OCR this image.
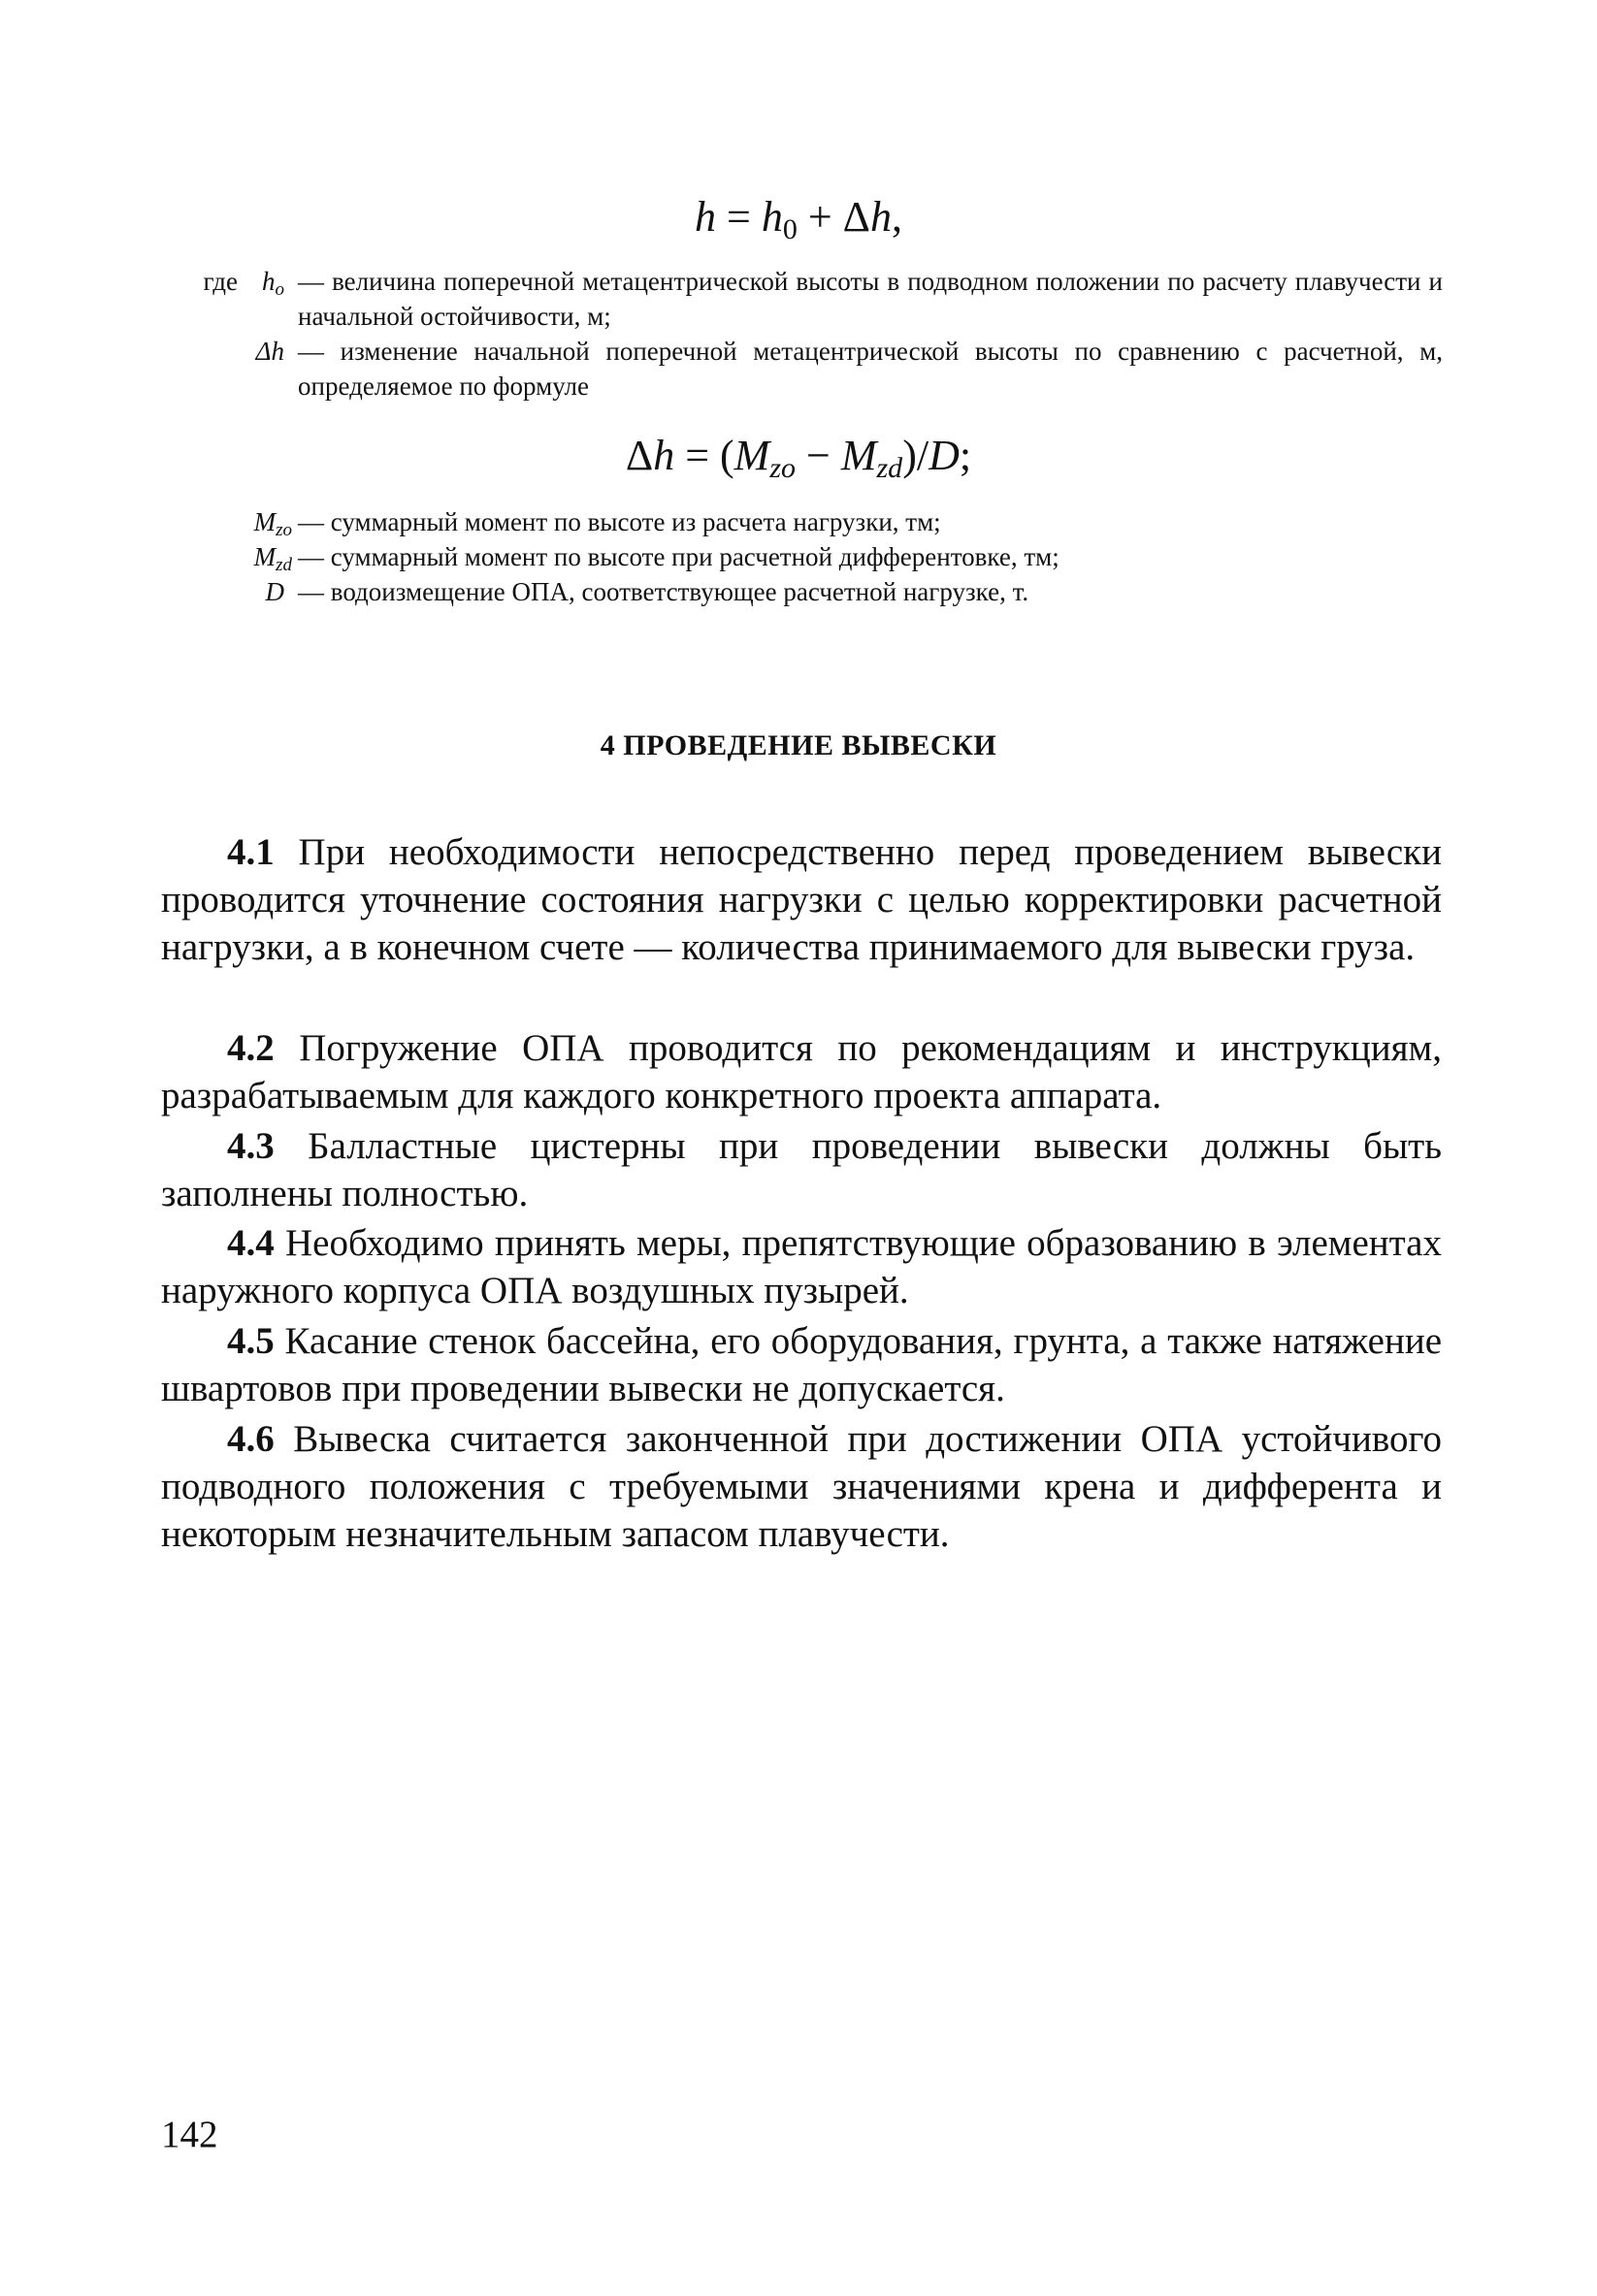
$h = h_0 + \Delta h$,
где $h_o$ — величина поперечной метацентрической высоты в подводном положении по расчету плавучести и начальной остойчивости, м;
Δh — изменение начальной поперечной метацентрической высоты по сравнению с расчетной, м, определяемое по формуле
$\Delta h = (M_{zo} - M_{zd})/D$;
$M_{zo}$ — суммарный момент по высоте из расчета нагрузки, тм;
$M_{zd}$ — суммарный момент по высоте при расчетной дифферентовке, тм;
D — водоизмещение ОПА, соответствующее расчетной нагрузке, т.
4 ПРОВЕДЕНИЕ ВЫВЕСКИ

4.1 При необходимости непосредственно перед проведением вывески проводится уточнение состояния нагрузки с целью корректировки расчетной нагрузки, а в конечном счете — количества принимаемого для вывески груза.

4.2 Погружение ОПА проводится по рекомендациям и инструкциям, разрабатываемым для каждого конкретного проекта аппарата.

4.3 Балластные цистерны при проведении вывески должны быть заполнены полностью.

4.4 Необходимо принять меры, препятствующие образованию в элементах наружного корпуса ОПА воздушных пузырей.

4.5 Касание стенок бассейна, его оборудования, грунта, а также натяжение швартовов при проведении вывески не допускается.

4.6 Вывеска считается законченной при достижении ОПА устойчивого подводного положения с требуемыми значениями крена и дифферента и некоторым незначительным запасом плавучести.

142
